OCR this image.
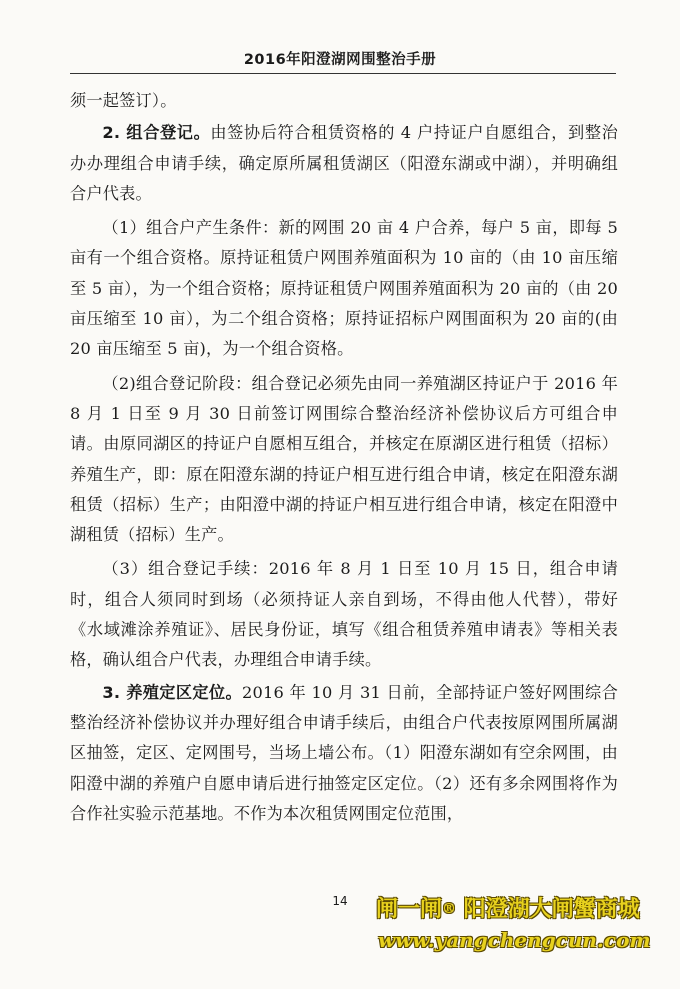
2016年阳澄湖网围整治手册

须一起签订）。

2. 组合登记。由签协后符合租赁资格的 4 户持证户自愿组合，到整治办办理组合申请手续，确定原所属租赁湖区（阳澄东湖或中湖），并明确组合户代表。

（1）组合户产生条件：新的网围 20 亩 4 户合养，每户 5 亩，即每 5 亩有一个组合资格。原持证租赁户网围养殖面积为 10 亩的（由 10 亩压缩至 5 亩），为一个组合资格；原持证租赁户网围养殖面积为 20 亩的（由 20 亩压缩至 10 亩），为二个组合资格；原持证招标户网围面积为 20 亩的(由 20 亩压缩至 5 亩)，为一个组合资格。

（2)组合登记阶段：组合登记必须先由同一养殖湖区持证户于 2016 年 8 月 1 日至 9 月 30 日前签订网围综合整治经济补偿协议后方可组合申请。由原同湖区的持证户自愿相互组合，并核定在原湖区进行租赁（招标）养殖生产，即：原在阳澄东湖的持证户相互进行组合申请，核定在阳澄东湖租赁（招标）生产；由阳澄中湖的持证户相互进行组合申请，核定在阳澄中湖租赁（招标）生产。

（3）组合登记手续：2016 年 8 月 1 日至 10 月 15 日，组合申请时，组合人须同时到场（必须持证人亲自到场，不得由他人代替），带好《水域滩涂养殖证》、居民身份证，填写《组合租赁养殖申请表》等相关表格，确认组合户代表，办理组合申请手续。

3. 养殖定区定位。2016 年 10 月 31 日前，全部持证户签好网围综合整治经济补偿协议并办理好组合申请手续后，由组合户代表按原网围所属湖区抽签，定区、定网围号，当场上墙公布。（1）阳澄东湖如有空余网围，由阳澄中湖的养殖户自愿申请后进行抽签定区定位。（2）还有多余网围将作为合作社实验示范基地。不作为本次租赁网围定位范围，

14	闸一闸® 阳澄湖大闸蟹商城
www.yangchengcun.com
